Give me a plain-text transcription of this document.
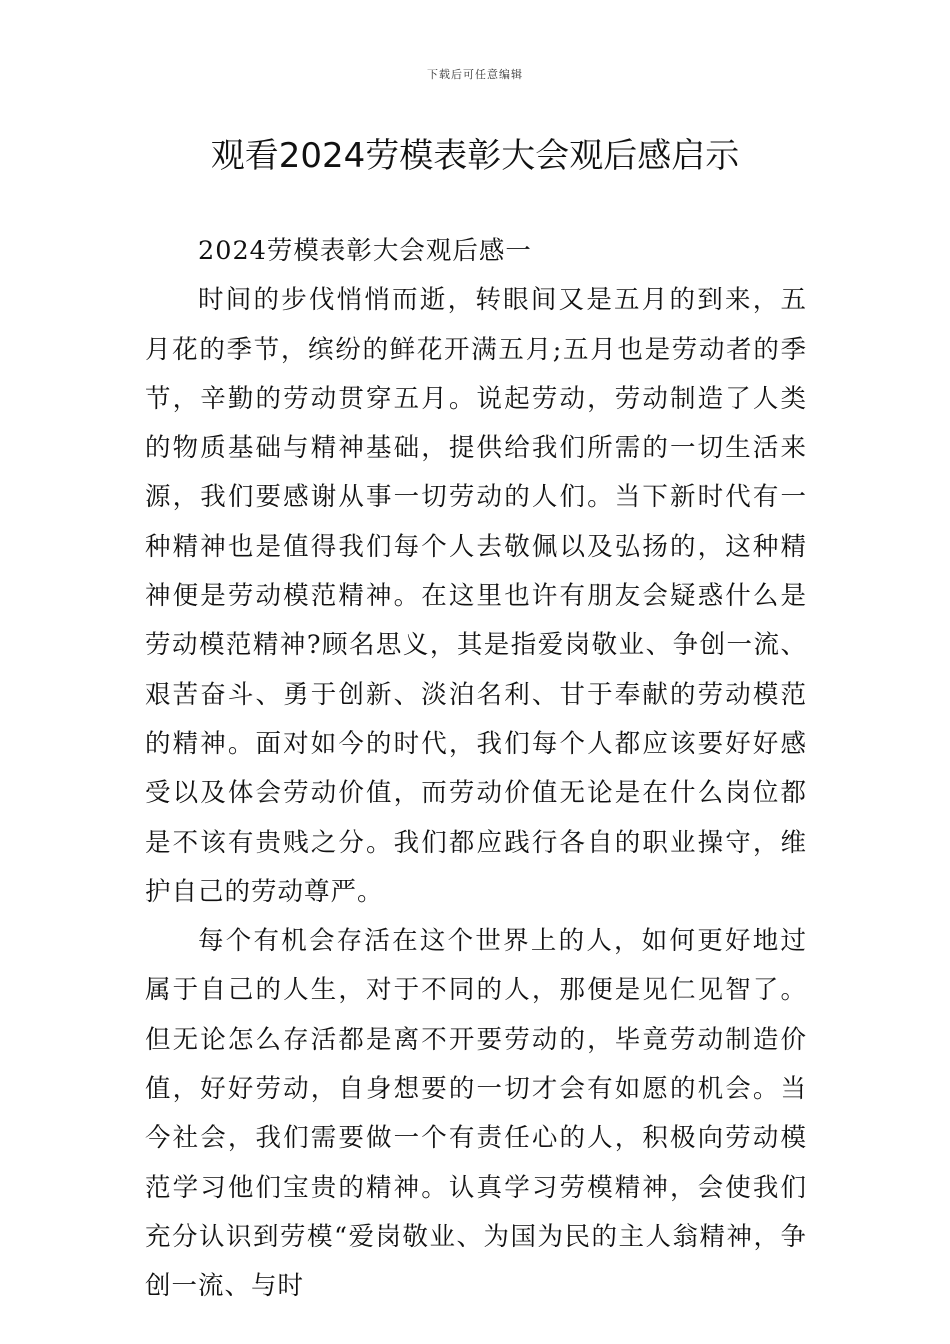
下载后可任意编辑
观看2024劳模表彰大会观后感启示

2024劳模表彰大会观后感一

时间的步伐悄悄而逝，转眼间又是五月的到来，五月花的季节，缤纷的鲜花开满五月;五月也是劳动者的季节，辛勤的劳动贯穿五月。说起劳动，劳动制造了人类的物质基础与精神基础，提供给我们所需的一切生活来源，我们要感谢从事一切劳动的人们。当下新时代有一种精神也是值得我们每个人去敬佩以及弘扬的，这种精神便是劳动模范精神。在这里也许有朋友会疑惑什么是劳动模范精神?顾名思义，其是指爱岗敬业、争创一流、艰苦奋斗、勇于创新、淡泊名利、甘于奉献的劳动模范的精神。面对如今的时代，我们每个人都应该要好好感受以及体会劳动价值，而劳动价值无论是在什么岗位都是不该有贵贱之分。我们都应践行各自的职业操守，维护自己的劳动尊严。

每个有机会存活在这个世界上的人，如何更好地过属于自己的人生，对于不同的人，那便是见仁见智了。但无论怎么存活都是离不开要劳动的，毕竟劳动制造价值，好好劳动，自身想要的一切才会有如愿的机会。当今社会，我们需要做一个有责任心的人，积极向劳动模范学习他们宝贵的精神。认真学习劳模精神，会使我们充分认识到劳模“爱岗敬业、为国为民的主人翁精神，争创一流、与时
